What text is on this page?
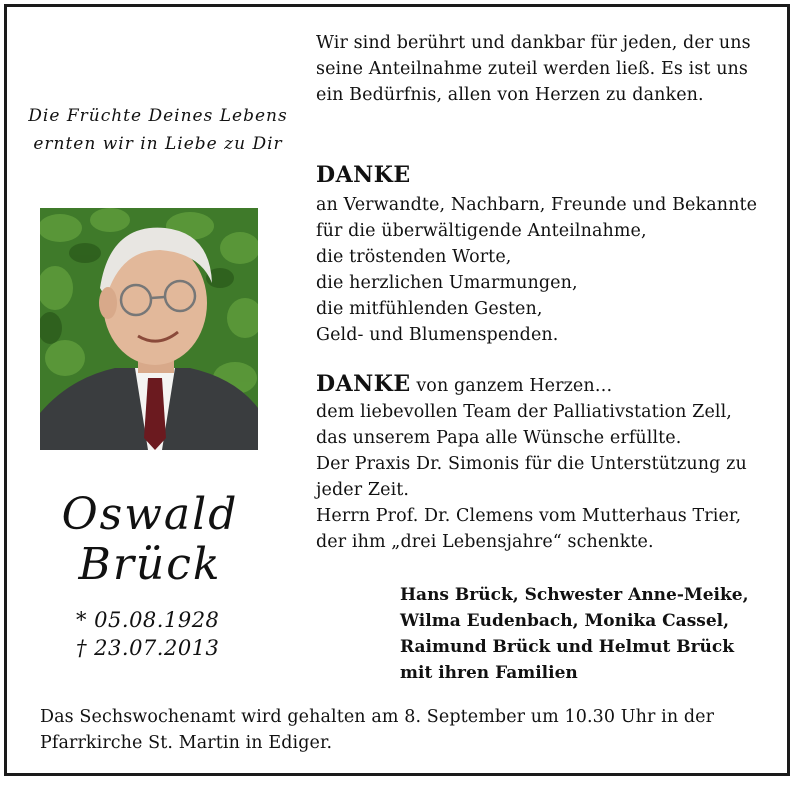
Wir sind berührt und dankbar für jeden, der uns
seine Anteilnahme zuteil werden ließ. Es ist uns
ein Bedürfnis, allen von Herzen zu danken.
Die Früchte Deines Lebens
ernten wir in Liebe zu Dir
DANKE
an Verwandte, Nachbarn, Freunde und Bekannte
für die überwältigende Anteilnahme,
die tröstenden Worte,
die herzlichen Umarmungen,
die mitfühlenden Gesten,
Geld- und Blumenspenden.
DANKE von ganzem Herzen…
dem liebevollen Team der Palliativstation Zell,
das unserem Papa alle Wünsche erfüllte.
Der Praxis Dr. Simonis für die Unterstützung zu
jeder Zeit.
Herrn Prof. Dr. Clemens vom Mutterhaus Trier,
der ihm „drei Lebensjahre“ schenkte.
Oswald
Brück
* 05.08.1928
† 23.07.2013
Hans Brück, Schwester Anne-Meike,
Wilma Eudenbach, Monika Cassel,
Raimund Brück und Helmut Brück
mit ihren Familien
Das Sechswochenamt wird gehalten am 8. September um 10.30 Uhr in der
Pfarrkirche St. Martin in Ediger.
